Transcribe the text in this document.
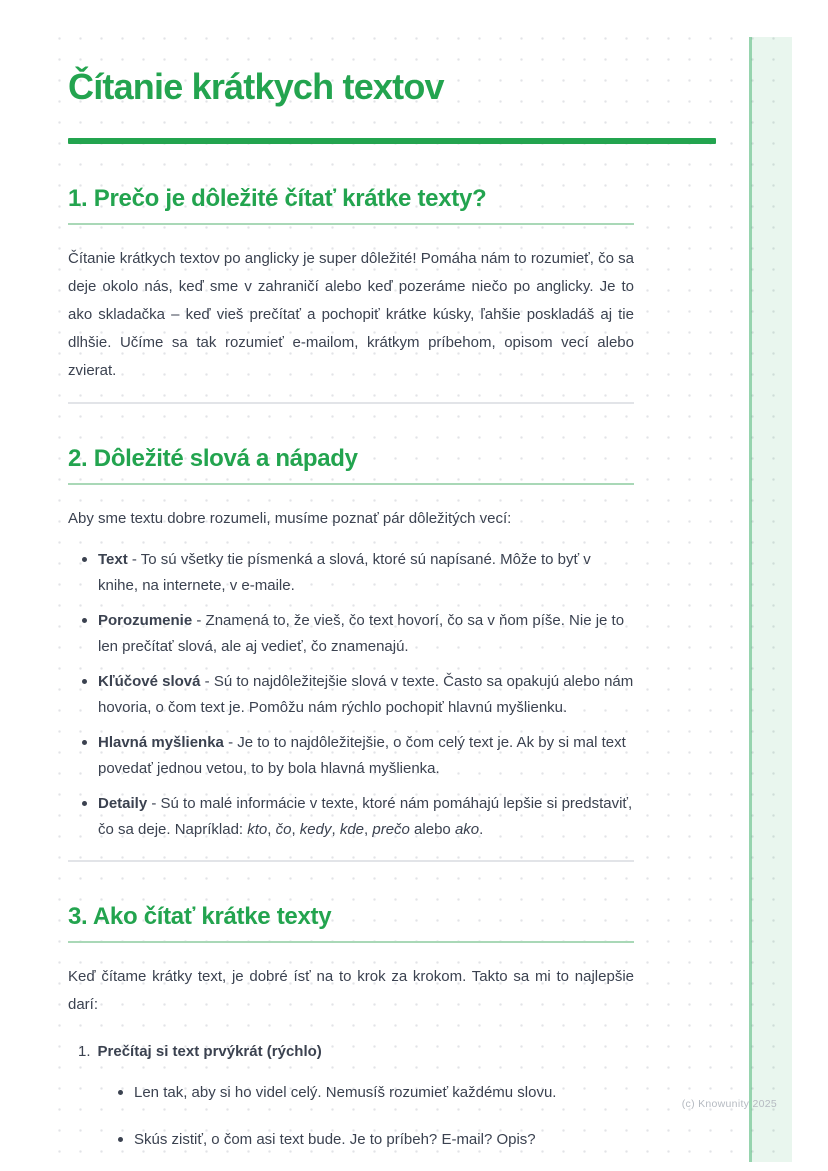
Čítanie krátkych textov
1. Prečo je dôležité čítať krátke texty?

Čítanie krátkych textov po anglicky je super dôležité! Pomáha nám to rozumieť, čo sa deje okolo nás, keď sme v zahraničí alebo keď pozeráme niečo po anglicky. Je to ako skladačka – keď vieš prečítať a pochopiť krátke kúsky, ľahšie poskladáš aj tie dlhšie. Učíme sa tak rozumieť e-mailom, krátkym príbehom, opisom vecí alebo zvierat.

2. Dôležité slová a nápady

Aby sme textu dobre rozumeli, musíme poznať pár dôležitých vecí:

Text - To sú všetky tie písmenká a slová, ktoré sú napísané. Môže to byť v knihe, na internete, v e-maile.
Porozumenie - Znamená to, že vieš, čo text hovorí, čo sa v ňom píše. Nie je to len prečítať slová, ale aj vedieť, čo znamenajú.
Kľúčové slová - Sú to najdôležitejšie slová v texte. Často sa opakujú alebo nám hovoria, o čom text je. Pomôžu nám rýchlo pochopiť hlavnú myšlienku.
Hlavná myšlienka - Je to to najdôležitejšie, o čom celý text je. Ak by si mal text povedať jednou vetou, to by bola hlavná myšlienka.
Detaily - Sú to malé informácie v texte, ktoré nám pomáhajú lepšie si predstaviť, čo sa deje. Napríklad: kto, čo, kedy, kde, prečo alebo ako.
3. Ako čítať krátke texty

Keď čítame krátky text, je dobré ísť na to krok za krokom. Takto sa mi to najlepšie darí:

1. Prečítaj si text prvýkrát (rýchlo)
Len tak, aby si ho videl celý. Nemusíš rozumieť každému slovu.
Skús zistiť, o čom asi text bude. Je to príbeh? E-mail? Opis?
(c) Knowunity 2025
